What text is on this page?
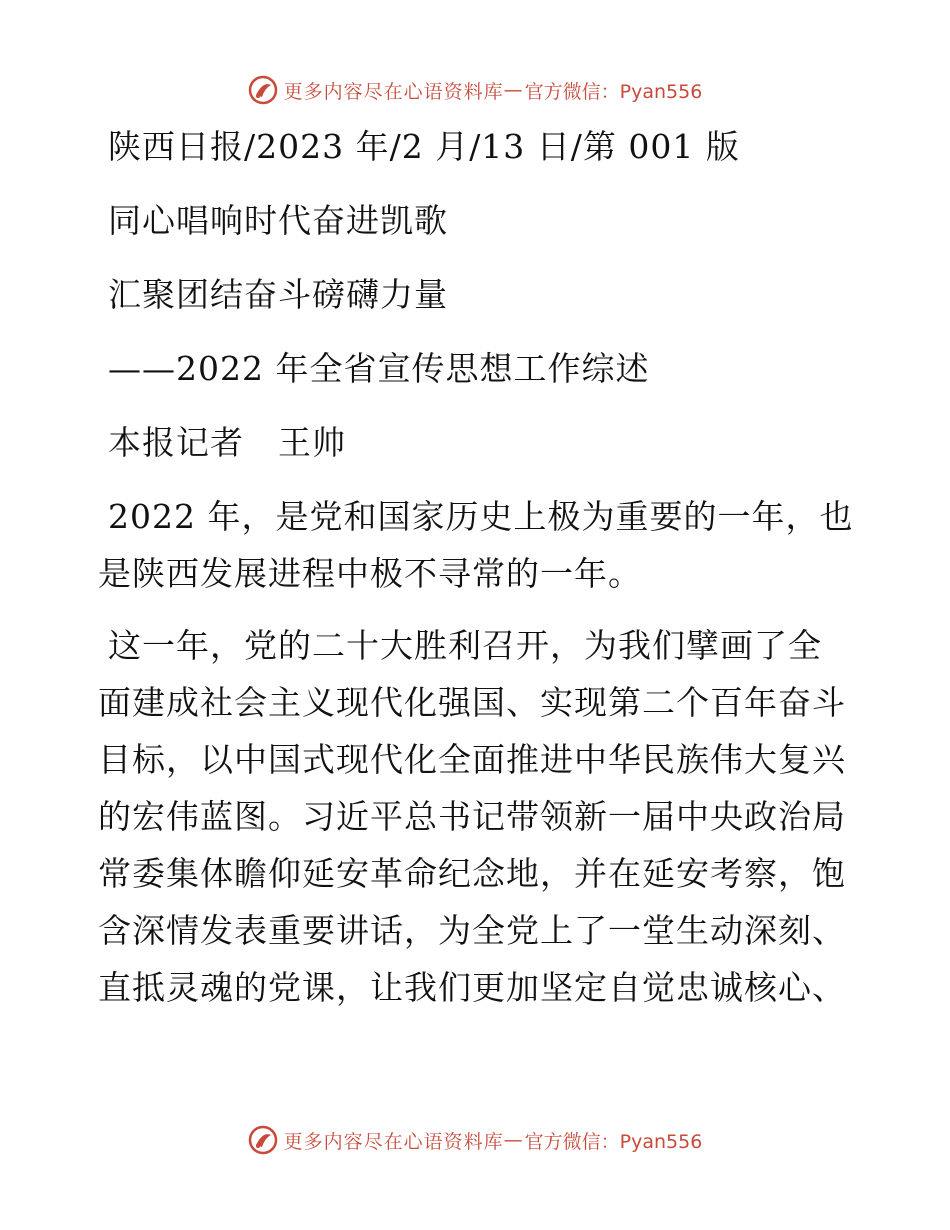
更多内容尽在心语资料库 — 官方微信：Pyan556
陕西日报/2023 年/2 月/13 日/第 001 版
同心唱响时代奋进凯歌
汇聚团结奋斗磅礴力量
——2022 年全省宣传思想工作综述
本报记者　王帅
2022 年，是党和国家历史上极为重要的一年，也
是陕西发展进程中极不寻常的一年。
这一年，党的二十大胜利召开，为我们擘画了全
面建成社会主义现代化强国、实现第二个百年奋斗
目标，以中国式现代化全面推进中华民族伟大复兴
的宏伟蓝图。习近平总书记带领新一届中央政治局
常委集体瞻仰延安革命纪念地，并在延安考察，饱
含深情发表重要讲话，为全党上了一堂生动深刻、
直抵灵魂的党课，让我们更加坚定自觉忠诚核心、
更多内容尽在心语资料库 — 官方微信：Pyan556
